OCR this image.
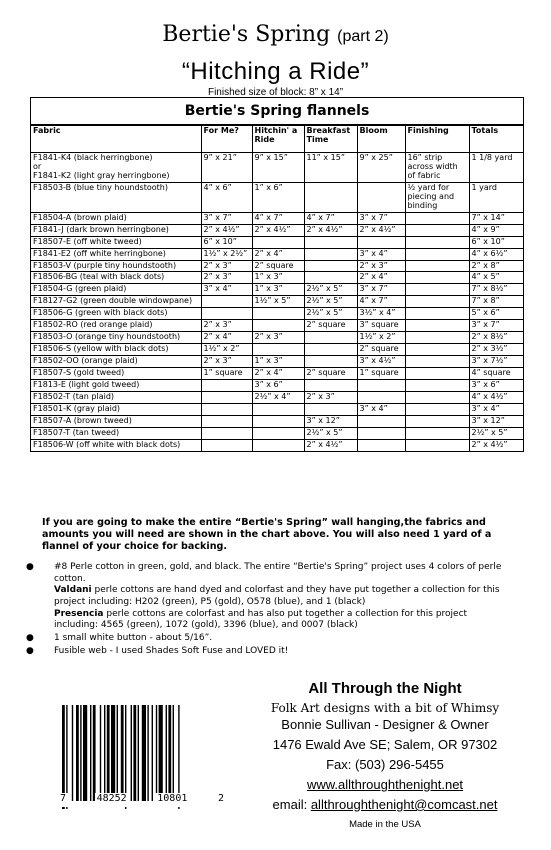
Bertie's Spring (part 2)
“Hitching a Ride”
Finished size of block: 8” x 14”
Bertie's Spring flannels
Fabric	For Me?	Hitchin' a Ride	Breakfast Time	Bloom	Finishing	Totals
F1841-K4 (black herringbone)
or
F1841-K2 (light gray herringbone)	9” x 21”	9” x 15”	11” x 15”	9” x 25”	16” strip across width of fabric	1 1/8 yard
F18503-B (blue tiny houndstooth)	4” x 6”	1” x 6”			½ yard for piecing and binding	1 yard
F18504-A (brown plaid)	3” x 7”	4” x 7”	4” x 7”	3” x 7”		7” x 14”
F1841-J (dark brown herringbone)	2” x 4½”	2” x 4½”	2” x 4½”	2” x 4½”		4” x 9”
F18507-E (off white tweed)	6” x 10”					6” x 10”
F1841-E2 (off white herringbone)	1½” x 2½”	2” x 4”		3” x 4”		4” x 6½”
F18503-V (purple tiny houndstooth)	2” x 3”	2” square		2” x 3”		2” x 8”
F18506-BG (teal with black dots)	2” x 3”	1” x 3”		2” x 4”		4” x 5”
F18504-G (green plaid)	3” x 4”	1” x 3”	2½” x 5”	3” x 7”		7” x 8½”
F18127-G2 (green double windowpane)		1½” x 5”	2½” x 5”	4” x 7”		7” x 8”
F18506-G (green with black dots)			2½” x 5”	3½” x 4”		5” x 6”
F18502-RO (red orange plaid)	2” x 3”		2” square	3” square		3” x 7”
F18503-O (orange tiny houndstooth)	2” x 4”	2” x 3”		1½” x 2”		2” x 8½”
F18506-S (yellow with black dots)	1½” x 2”			2” square		2” x 3½”
F18502-OO (orange plaid)	2” x 3”	1” x 3”		3” x 4½”		3” x 7½”
F18507-S (gold tweed)	1” square	2” x 4”	2” square	1” square		4” square
F1813-E (light gold tweed)		3” x 6”				3” x 6”
F18502-T (tan plaid)		2½” x 4”	2” x 3”			4” x 4½”
F18501-K (gray plaid)				3” x 4”		3” x 4”
F18507-A (brown tweed)			3” x 12”			3” x 12”
F18507-T (tan tweed)			2½” x 5”			2½” x 5”
F18506-W (off white with black dots)			2” x 4½”			2” x 4½”
If you are going to make the entire “Bertie's Spring” wall hanging,the fabrics and amounts you will need are shown in the chart above. You will also need 1 yard of a flannel of your choice for backing.
● #8 Perle cotton in green, gold, and black. The entire “Bertie's Spring” project uses 4 colors of perle cotton.
Valdani perle cottons are hand dyed and colorfast and they have put together a collection for this project including: H202 (green), P5 (gold), O578 (blue), and 1 (black)
Presencia perle cottons are colorfast and has also put together a collection for this project including: 4565 (green), 1072 (gold), 3396 (blue), and 0007 (black)
● 1 small white button - about 5/16”.
● Fusible web - I used Shades Soft Fuse and LOVED it!
7	48252	10801	2
All Through the Night
Folk Art designs with a bit of Whimsy
Bonnie Sullivan - Designer & Owner
1476 Ewald Ave SE; Salem, OR 97302
Fax: (503) 296-5455
www.allthroughthenight.net
email: allthroughthenight@comcast.net
Made in the USA
